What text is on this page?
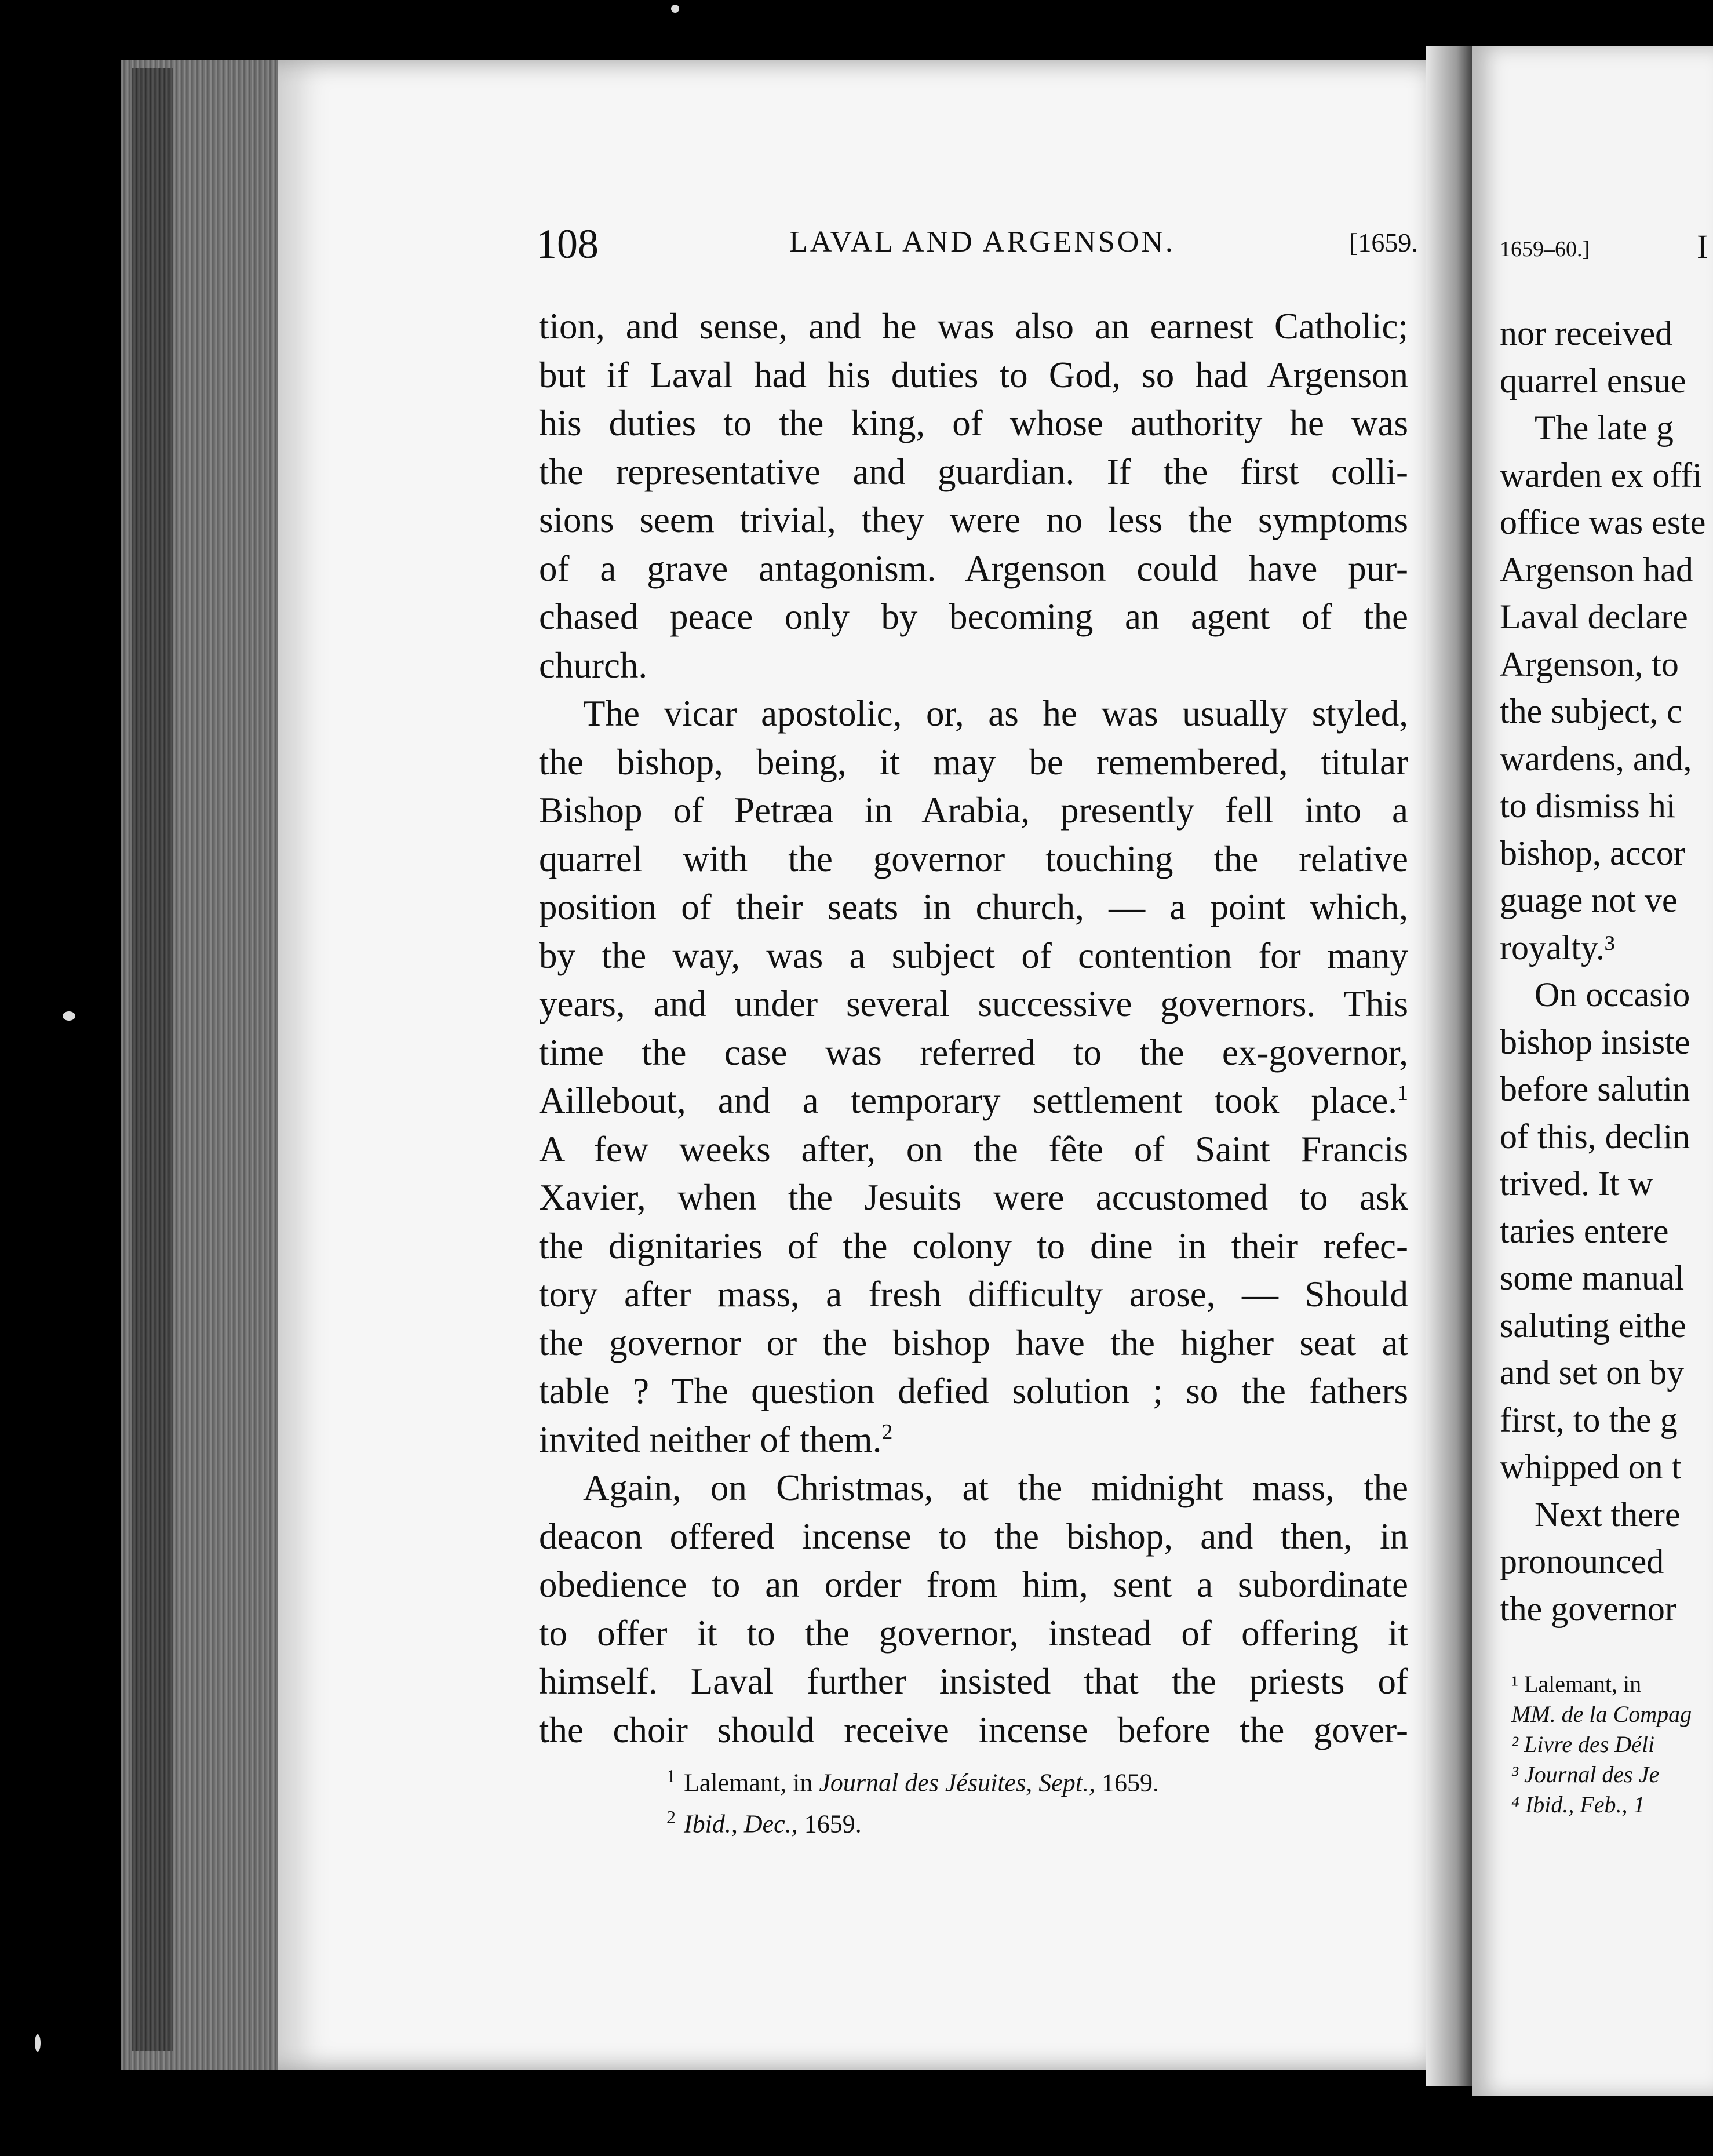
108	LAVAL AND ARGENSON.	[1659.
tion, and sense, and he was also an earnest Catholic;
but if Laval had his duties to God, so had Argenson
his duties to the king, of whose authority he was
the representative and guardian. If the first colli-
sions seem trivial, they were no less the symptoms
of a grave antagonism. Argenson could have pur-
chased peace only by becoming an agent of the
church.
The vicar apostolic, or, as he was usually styled,
the bishop, being, it may be remembered, titular
Bishop of Petræa in Arabia, presently fell into a
quarrel with the governor touching the relative
position of their seats in church, — a point which,
by the way, was a subject of contention for many
years, and under several successive governors. This
time the case was referred to the ex-governor,
Aillebout, and a temporary settlement took place.$^1$
A few weeks after, on the fête of Saint Francis
Xavier, when the Jesuits were accustomed to ask
the dignitaries of the colony to dine in their refec-
tory after mass, a fresh difficulty arose, — Should
the governor or the bishop have the higher seat at
table ? The question defied solution ; so the fathers
invited neither of them.$^2$
Again, on Christmas, at the midnight mass, the
deacon offered incense to the bishop, and then, in
obedience to an order from him, sent a subordinate
to offer it to the governor, instead of offering it
himself. Laval further insisted that the priests of
the choir should receive incense before the gover-
$^1$ Lalemant, in Journal des Jésuites, Sept., 1659.
$^2$ Ibid., Dec., 1659.
1659–60.]	I
nor received
quarrel ensue
The late g
warden ex offi
office was este
Argenson had
Laval declare
Argenson, to
the subject, c
wardens, and,
to dismiss hi
bishop, accor
guage not ve
royalty.³
On occasio
bishop insiste
before salutin
of this, declin
trived. It w
taries entere
some manual
saluting eithe
and set on by
first, to the g
whipped on t
Next there
pronounced
the governor
¹ Lalemant, in
MM. de la Compag
² Livre des Déli
³ Journal des Je
⁴ Ibid., Feb., 1
